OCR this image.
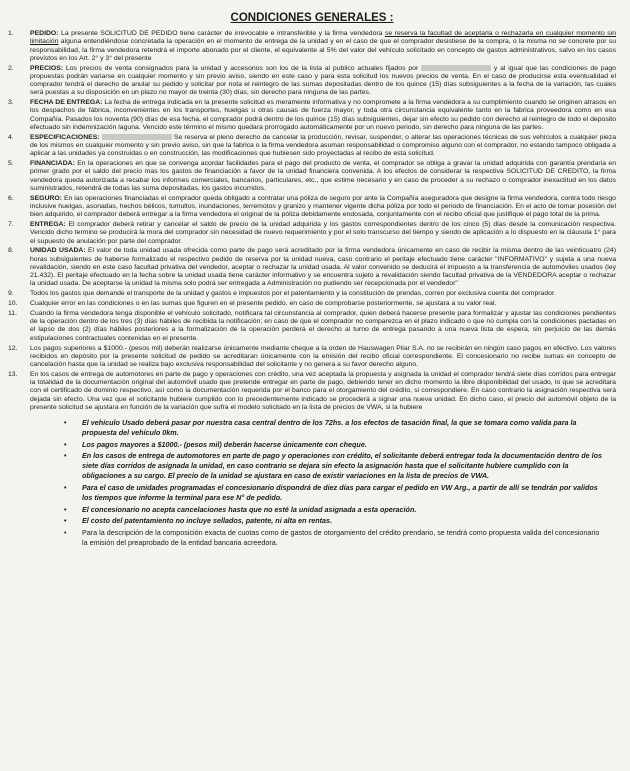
CONDICIONES GENERALES :
1.	PEDIDO: La presente SOLICITUD DE PEDIDO tiene carácter de irrevocable e intransferible y la firma vendedora se reserva la facultad de aceptarla o rechazarla en cualquier momento sin limitación alguna entendiéndose concretada la operación en el momento de entrega de la unidad y en el caso de que el comprador desistiese de la compra, o la misma no se concrete por su responsabilidad, la firma vendedora retendrá el importe abonado por el cliente, el equivalente al 5% del valor del vehículo solicitado en concepto de gastos administrativos, salvo en los casos previstos en los Art. 2° y 3° del presente
2.	PRECIOS: Los precios de venta consignados para la unidad y accesorios son los de la lista al publico actuales fijados por	y al igual que las condiciones de pago propuestas podrán variarse en cualquier momento y sin previo aviso, siendo en este caso y para esta solicitud los nuevos precios de venta. En el caso de producirse esta eventualidad el comprador tendrá el derecho de anular su pedido y solicitar por nota el reintegro de las sumas depositadas dentro de los quince (15) días subsiguientes a la fecha de la variación, las cuales será puestas a su disposición en un plazo no mayor de treinta (30) días, sin derecho para ninguna de las partes.
3.	FECHA DE ENTREGA: La fecha de entrega indicada en la presente solicitud es meramente informativa y no compromete a la firma vendedora a su cumplimiento cuando se originen atrasos en los despachos de fábrica, inconvenientes en los transportes, huelgas u otras causas de fuerza mayor, y toda otra circunstancia equivalente tanto en la fabrica proveedora como en esa Compañía. Pasados los noventa (90) días de esa fecha, el comprador podrá dentro de los quince (15) días subsiguientes, dejar sin efecto su pedido con derecho al reintegro de todo el deposito efectuado sin indemnización laguna. Vencido este término el mismo quedara prorrogado automáticamente por un nuevo periodo, sin derecho para ninguna de las partes.
4.	ESPECIFICACIONES:	Se reserva el pleno derecho de cancelar la producción, revisar, suspender, o alterar las operaciones técnicas de sus vehículos a cualquier pieza de los mismos en cualquier momento y sin previo aviso, sin que la fabrica o la firma vendedora asuman responsabilidad o compromiso alguno con el comprador, no estando tampoco obligada a aplicar a las unidades ya construidas o en construcción, las modificaciones que hubiesen sido proyectadas al recibo de esta solicitud.
5.	FINANCIADA: En la operaciones en que se convenga acordar facilidades para el pago del producto de venta, el comprador se obliga a gravar la unidad adquirida con garantía prendaria en primer grado por el saldo del precio mas los gastos de financiación a favor de la unidad financiera convenida. A los efectos de considerar la respectiva SOLICITUD DE CREDITO, la firma vendedora queda autorizada a recabar los informes comerciales, bancarios, particulares, etc., que estime necesario y en caso de proceder a su rechazo o comprador inexactitud en los datos suministrados, retendrá de todas las suma depositadas, los gastos incurridos.
6.	SEGURO: En las operaciones financiadas el comprador queda obligado a contratar una póliza de seguro por ante la Compañía aseguradora que designe la firma vendedora, contra todo riesgo inclusive huelgas, asonadas, hechos bélicos, tumultos, inundaciones, terremotos y granizo y mantener vigente dicha póliza por todo el periodo de financiación. En el acto de tomar posesión del bien adquirido, el comprador deberá entregar a la firma vendedora el original de la póliza debidamente endosada, conjuntamente con el recibo oficial que justifique el pago total de la prima.
7.	ENTREGA: El comprador deberá retirar y cancelar el saldo de precio de la unidad adquirida y los gastos correspondientes dentro de los cinco (5) días desde la comunicación respectiva. Vencido dicho termino se producirá la mora del comprador sin necesidad de nuevo requerimiento y por el solo transcurso del tiempo y siendo de aplicación a lo dispuesto en la cláusula 1° para el supuesto de anulación por parte del comprador.
8.	UNIDAD USADA: El valor de toda unidad usada ofrecida como parte de pago será acreditado por la firma vendedora únicamente en caso de recibir la misma dentro de las veinticuatro (24) horas subsiguientes de haberse formalizado el respectivo pedido de reserva por la unidad nueva, caso contrario el peritaje efectuado tiene carácter "INFORMATIVO" y sujeta a una nueva revalidación, siendo en este caso facultad privativa del vendedor, aceptar o rechazar la unidad usada. Al valor convenido se deducirá el impuesto a la transferencia de automóviles usados (ley 21.432). El peritaje efectuado en la fecha sobre la unidad usada tiene carácter informativo y se encuentra sujeto a revalidación siendo facultad privativa de la VENDEDORA aceptar o rechazar la unidad usada. De aceptarse la unidad la misma solo podrá ser entregada a Administración no pudiendo ser recepcionada por el vendedor"
9.	Todos los gastos que demande el transporte de la unidad y gastos e impuestos por el patentamiento y la constitución de prendas, corren por exclusiva cuenta del comprador.
10.	Cualquier error en las condiciones o en las sumas que figuren en el presente pedido, en caso de comprobarse posteriormente, se ajustara a su valor real.
11.	Cuando la firma vendedora tenga disponible el vehículo solicitado, notificara tal circunstancia al comprador, quien deberá hacerse presente para formalizar y ajustar las condiciones pendientes de la operación dentro de los tres (3) días hábiles de recibida la notificación; en caso de que el comprador no comparezca en el plazo indicado o que no cumpla con la condiciones pactadas en el lapso de dos (2) días hábiles posteriores a la formalización de la operación perderá el derecho al turno de entrega pasando a una nueva lista de espera, sin perjuicio de las demás estipulaciones contractuales contenidas en el presente.
12.	Los pagos superiores a $1000.- (pesos mil) deberán realizarse únicamente mediante cheque a la orden de Hauswagen Pilar S.A. no se recibirán en ningún caso pagos en efectivo. Los valores recibidos en depósito por la presente solicitud de pedido se acreditaran únicamente con la emisión del recibo oficial correspondiente. El concesionario no recibe sumas en concepto de cancelación hasta que la unidad se realiza bajo exclusiva responsabilidad del solicitante y no genera a su favor derecho alguno.
13.	En los casos de entrega de automotores en parte de pago y operaciones con crédito, una vez aceptada la propuesta y asignada la unidad el comprador tendrá siete días corridos para entregar la totalidad de la documentación original del automóvil usado que pretende entregar en parte de pago, debiendo tener en dicho momento la libre disponibilidad del usado, lo que se acreditara con el certificado de dominio respectivo, así como la documentación requerida por el banco para el otorgamiento del crédito, si correspondiere. En caso contrario la asignación respectiva será dejada sin efecto. Una vez que el solicitante hubiere cumplido con lo precedentemente indicado se procederá a signar una nueva unidad. En dicho caso, el precio del automóvil objeto de la presente solicitud se ajustara en función de la variación que sufra el modelo solicitado en la lista de precios de VWA, si la hubiere
•	El vehículo Usado deberá pasar por nuestra casa central dentro de los 72hs. a los efectos de tasación final, la que se tomara como valida para la propuesta del vehículo 0km.
•	Los pagos mayores a $1000.- (pesos mil) deberán hacerse únicamente con cheque.
•	En los casos de entrega de automotores en parte de pago y operaciones con crédito, el solicitante deberá entregar toda la documentación dentro de los siete días corridos de asignada la unidad, en caso contrario se dejara sin efecto la asignación hasta que el solicitante hubiere cumplido con la obligaciones a su cargo. El precio de la unidad se ajustara en caso de existir variaciones en la lista de precios de VWA.
•	Para el caso de unidades programadas el concesionario dispondrá de diez días para cargar el pedido en VW Arg., a partir de allí se tendrán por validos los tiempos que informe la terminal para ese N° de pedido.
•	El concesionario no acepta cancelaciones hasta que no esté la unidad asignada a esta operación.
•	El costo del patentamiento no incluye sellados, patente, ni alta en rentas.
•	Para la descripción de la composición exacta de cuotas como de gastos de otorgamiento del crédito prendario, se tendrá como propuesta valida del concesionario la emisión del preaprobado de la entidad bancaria acreedora.
